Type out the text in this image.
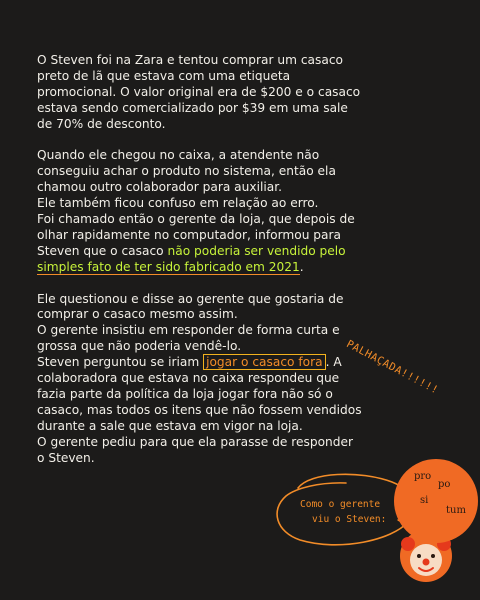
O Steven foi na Zara e tentou comprar um casaco
preto de lã que estava com uma etiqueta
promocional. O valor original era de $200 e o casaco
estava sendo comercializado por $39 em uma sale
de 70% de desconto.

Quando ele chegou no caixa, a atendente não
conseguiu achar o produto no sistema, então ela
chamou outro colaborador para auxiliar.
Ele também ficou confuso em relação ao erro.
Foi chamado então o gerente da loja, que depois de
olhar rapidamente no computador, informou para
Steven que o casaco não poderia ser vendido pelo
simples fato de ter sido fabricado em 2021.

Ele questionou e disse ao gerente que gostaria de
comprar o casaco mesmo assim.
O gerente insistiu em responder de forma curta e
grossa que não poderia vendê-lo.
Steven perguntou se iriam jogar o casaco fora . A
colaboradora que estava no caixa respondeu que
fazia parte da política da loja jogar fora não só o
casaco, mas todos os itens que não fossem vendidos
durante a sale que estava em vigor na loja.
O gerente pediu para que ela parasse de responder
o Steven.

PALHAÇADA!!!!!!
Como o gerente
viu o Steven:
pro
po
si
tum
